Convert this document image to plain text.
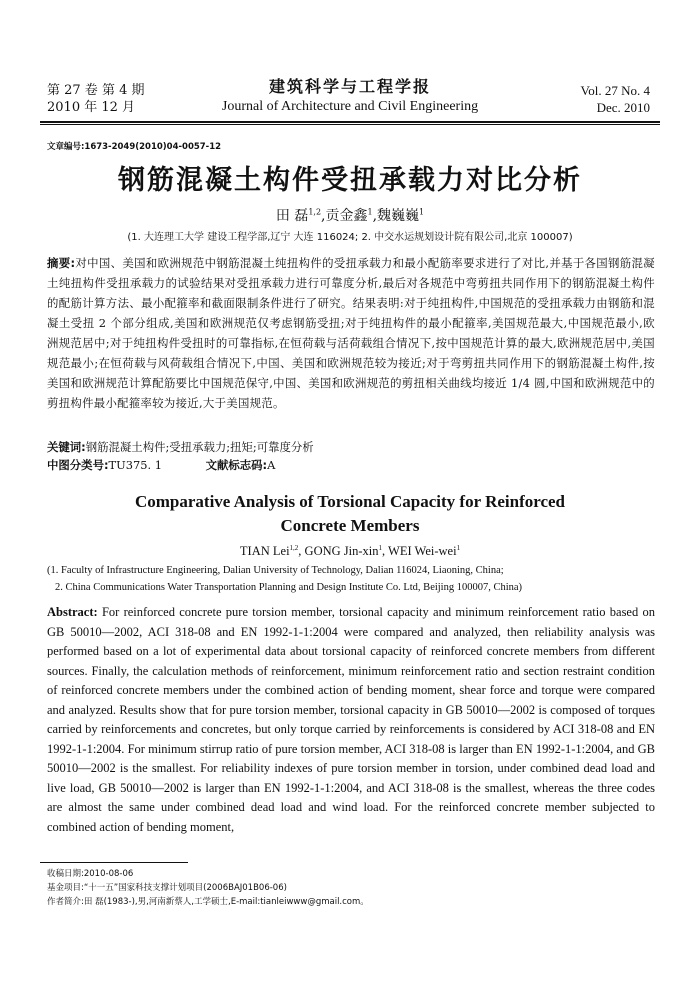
第 27 卷 第 4 期
2010 年 12 月
建筑科学与工程学报
Journal of Architecture and Civil Engineering
Vol. 27 No. 4
Dec. 2010
文章编号:1673-2049(2010)04-0057-12
钢筋混凝土构件受扭承载力对比分析
田 磊$^{1,2}$,贡金鑫$^1$,魏巍巍$^1$
(1. 大连理工大学 建设工程学部,辽宁 大连 116024; 2. 中交水运规划设计院有限公司,北京 100007)
摘要:对中国、美国和欧洲规范中钢筋混凝土纯扭构件的受扭承载力和最小配筋率要求进行了对比,并基于各国钢筋混凝土纯扭构件受扭承载力的试验结果对受扭承载力进行可靠度分析,最后对各规范中弯剪扭共同作用下的钢筋混凝土构件的配筋计算方法、最小配箍率和截面限制条件进行了研究。结果表明:对于纯扭构件,中国规范的受扭承载力由钢筋和混凝土受扭 2 个部分组成,美国和欧洲规范仅考虑钢筋受扭;对于纯扭构件的最小配箍率,美国规范最大,中国规范最小,欧洲规范居中;对于纯扭构件受扭时的可靠指标,在恒荷载与活荷载组合情况下,按中国规范计算的最大,欧洲规范居中,美国规范最小;在恒荷载与风荷载组合情况下,中国、美国和欧洲规范较为接近;对于弯剪扭共同作用下的钢筋混凝土构件,按美国和欧洲规范计算配筋要比中国规范保守,中国、美国和欧洲规范的剪扭相关曲线均接近 1/4 圆,中国和欧洲规范中的剪扭构件最小配箍率较为接近,大于美国规范。
关键词:钢筋混凝土构件;受扭承载力;扭矩;可靠度分析
中图分类号:TU375. 1	文献标志码:A
Comparative Analysis of Torsional Capacity for Reinforced
Concrete Members
TIAN Lei$^{1,2}$, GONG Jin-xin$^1$, WEI Wei-wei$^1$
(1. Faculty of Infrastructure Engineering, Dalian University of Technology, Dalian 116024, Liaoning, China;
2. China Communications Water Transportation Planning and Design Institute Co. Ltd, Beijing 100007, China)
Abstract: For reinforced concrete pure torsion member, torsional capacity and minimum reinforcement ratio based on GB 50010—2002, ACI 318-08 and EN 1992-1-1:2004 were compared and analyzed, then reliability analysis was performed based on a lot of experimental data about torsional capacity of reinforced concrete members from different sources. Finally, the calculation methods of reinforcement, minimum reinforcement ratio and section restraint condition of reinforced concrete members under the combined action of bending moment, shear force and torque were compared and analyzed. Results show that for pure torsion member, torsional capacity in GB 50010—2002 is composed of torques carried by reinforcements and concretes, but only torque carried by reinforcements is considered by ACI 318-08 and EN 1992-1-1:2004. For minimum stirrup ratio of pure torsion member, ACI 318-08 is larger than EN 1992-1-1:2004, and GB 50010—2002 is the smallest. For reliability indexes of pure torsion member in torsion, under combined dead load and live load, GB 50010—2002 is larger than EN 1992-1-1:2004, and ACI 318-08 is the smallest, whereas the three codes are almost the same under combined dead load and wind load. For the reinforced concrete member subjected to combined action of bending moment,
收稿日期:2010-08-06
基金项目:“十一五”国家科技支撑计划项目(2006BAJ01B06-06)
作者简介:田 磊(1983-),男,河南新蔡人,工学硕士,E-mail:tianleiwww@gmail.com。
